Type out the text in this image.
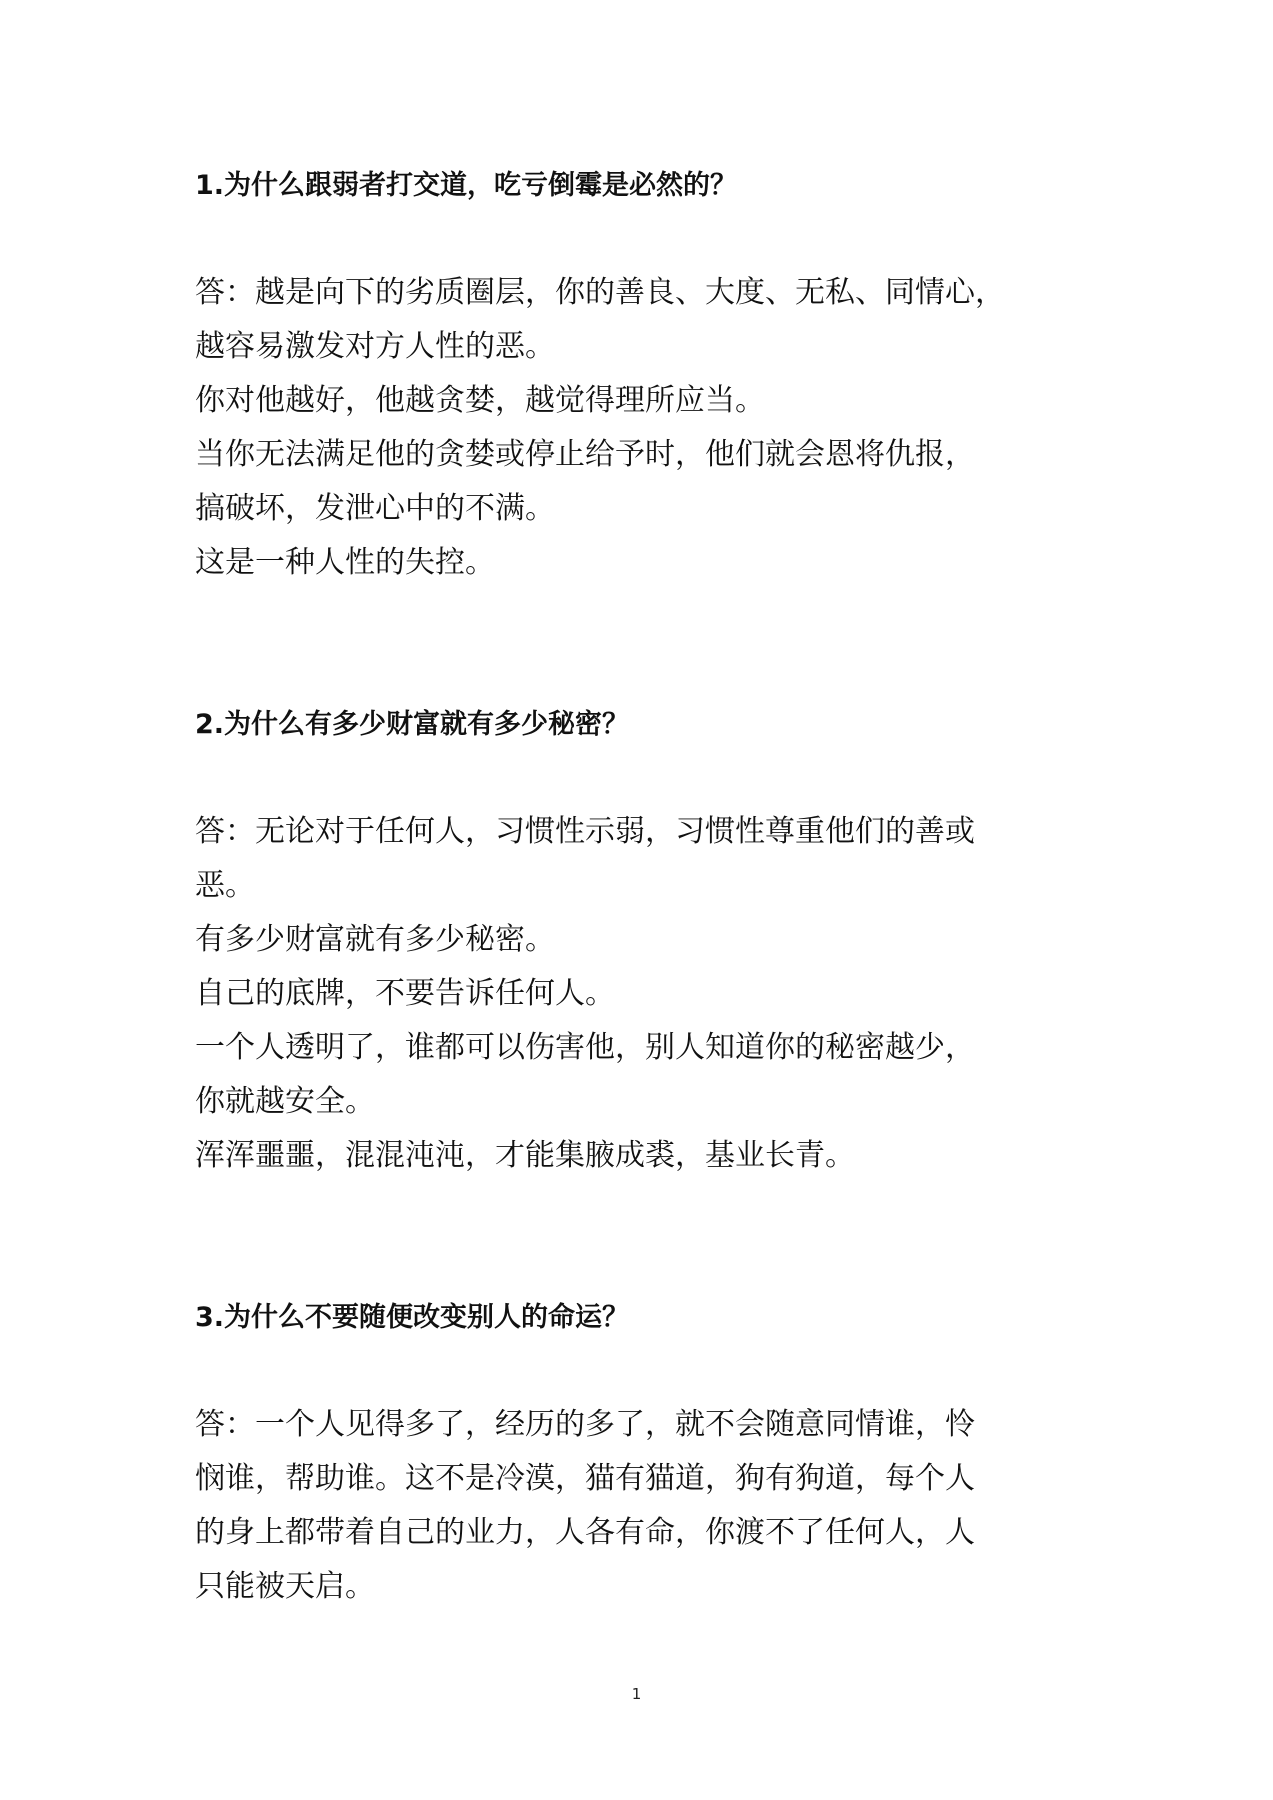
1.为什么跟弱者打交道，吃亏倒霉是必然的？

答：越是向下的劣质圈层，你的善良、大度、无私、同情心，
越容易激发对方人性的恶。

你对他越好，他越贪婪，越觉得理所应当。

当你无法满足他的贪婪或停止给予时，他们就会恩将仇报，
搞破坏，发泄心中的不满。

这是一种人性的失控。

2.为什么有多少财富就有多少秘密？

答：无论对于任何人，习惯性示弱，习惯性尊重他们的善或
恶。

有多少财富就有多少秘密。

自己的底牌，不要告诉任何人。

一个人透明了，谁都可以伤害他，别人知道你的秘密越少，
你就越安全。

浑浑噩噩，混混沌沌，才能集腋成裘，基业长青。

3.为什么不要随便改变别人的命运？

答：一个人见得多了，经历的多了，就不会随意同情谁，怜
悯谁，帮助谁。这不是冷漠，猫有猫道，狗有狗道，每个人
的身上都带着自己的业力，人各有命，你渡不了任何人，人
只能被天启。

1
